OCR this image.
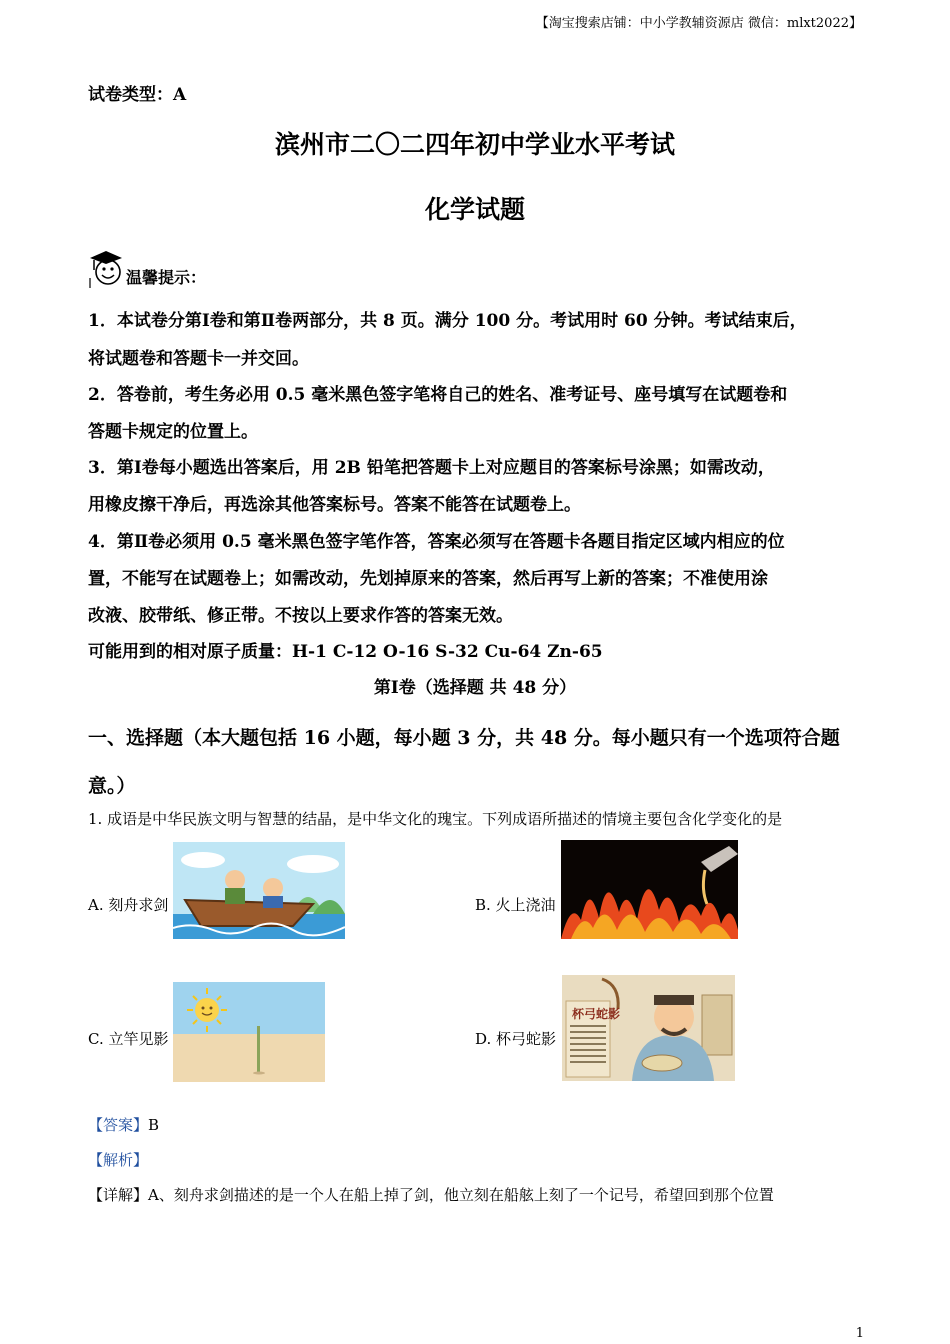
【淘宝搜索店铺：中小学教辅资源店 微信：mlxt2022】
试卷类型：A
滨州市二〇二四年初中学业水平考试
化学试题
温馨提示：
1．本试卷分第Ⅰ卷和第Ⅱ卷两部分，共 8 页。满分 100 分。考试用时 60 分钟。考试结束后，
将试题卷和答题卡一并交回。
2．答卷前，考生务必用 0.5 毫米黑色签字笔将自己的姓名、准考证号、座号填写在试题卷和
答题卡规定的位置上。
3．第Ⅰ卷每小题选出答案后，用 2B 铅笔把答题卡上对应题目的答案标号涂黑；如需改动，
用橡皮擦干净后，再选涂其他答案标号。答案不能答在试题卷上。
4．第Ⅱ卷必须用 0.5 毫米黑色签字笔作答，答案必须写在答题卡各题目指定区域内相应的位
置，不能写在试题卷上；如需改动，先划掉原来的答案，然后再写上新的答案；不准使用涂
改液、胶带纸、修正带。不按以上要求作答的答案无效。
可能用到的相对原子质量：H-1 C-12 O-16 S-32 Cu-64 Zn-65
第Ⅰ卷（选择题 共 48 分）
一、选择题（本大题包括 16 小题，每小题 3 分，共 48 分。每小题只有一个选项符合题
意。）
1. 成语是中华民族文明与智慧的结晶，是中华文化的瑰宝。下列成语所描述的情境主要包含化学变化的是
A. 刻舟求剑	B. 火上浇油
C. 立竿见影	D. 杯弓蛇影
杯弓蛇影
【答案】B
【解析】
【详解】A、刻舟求剑描述的是一个人在船上掉了剑，他立刻在船舷上刻了一个记号，希望回到那个位置
1
